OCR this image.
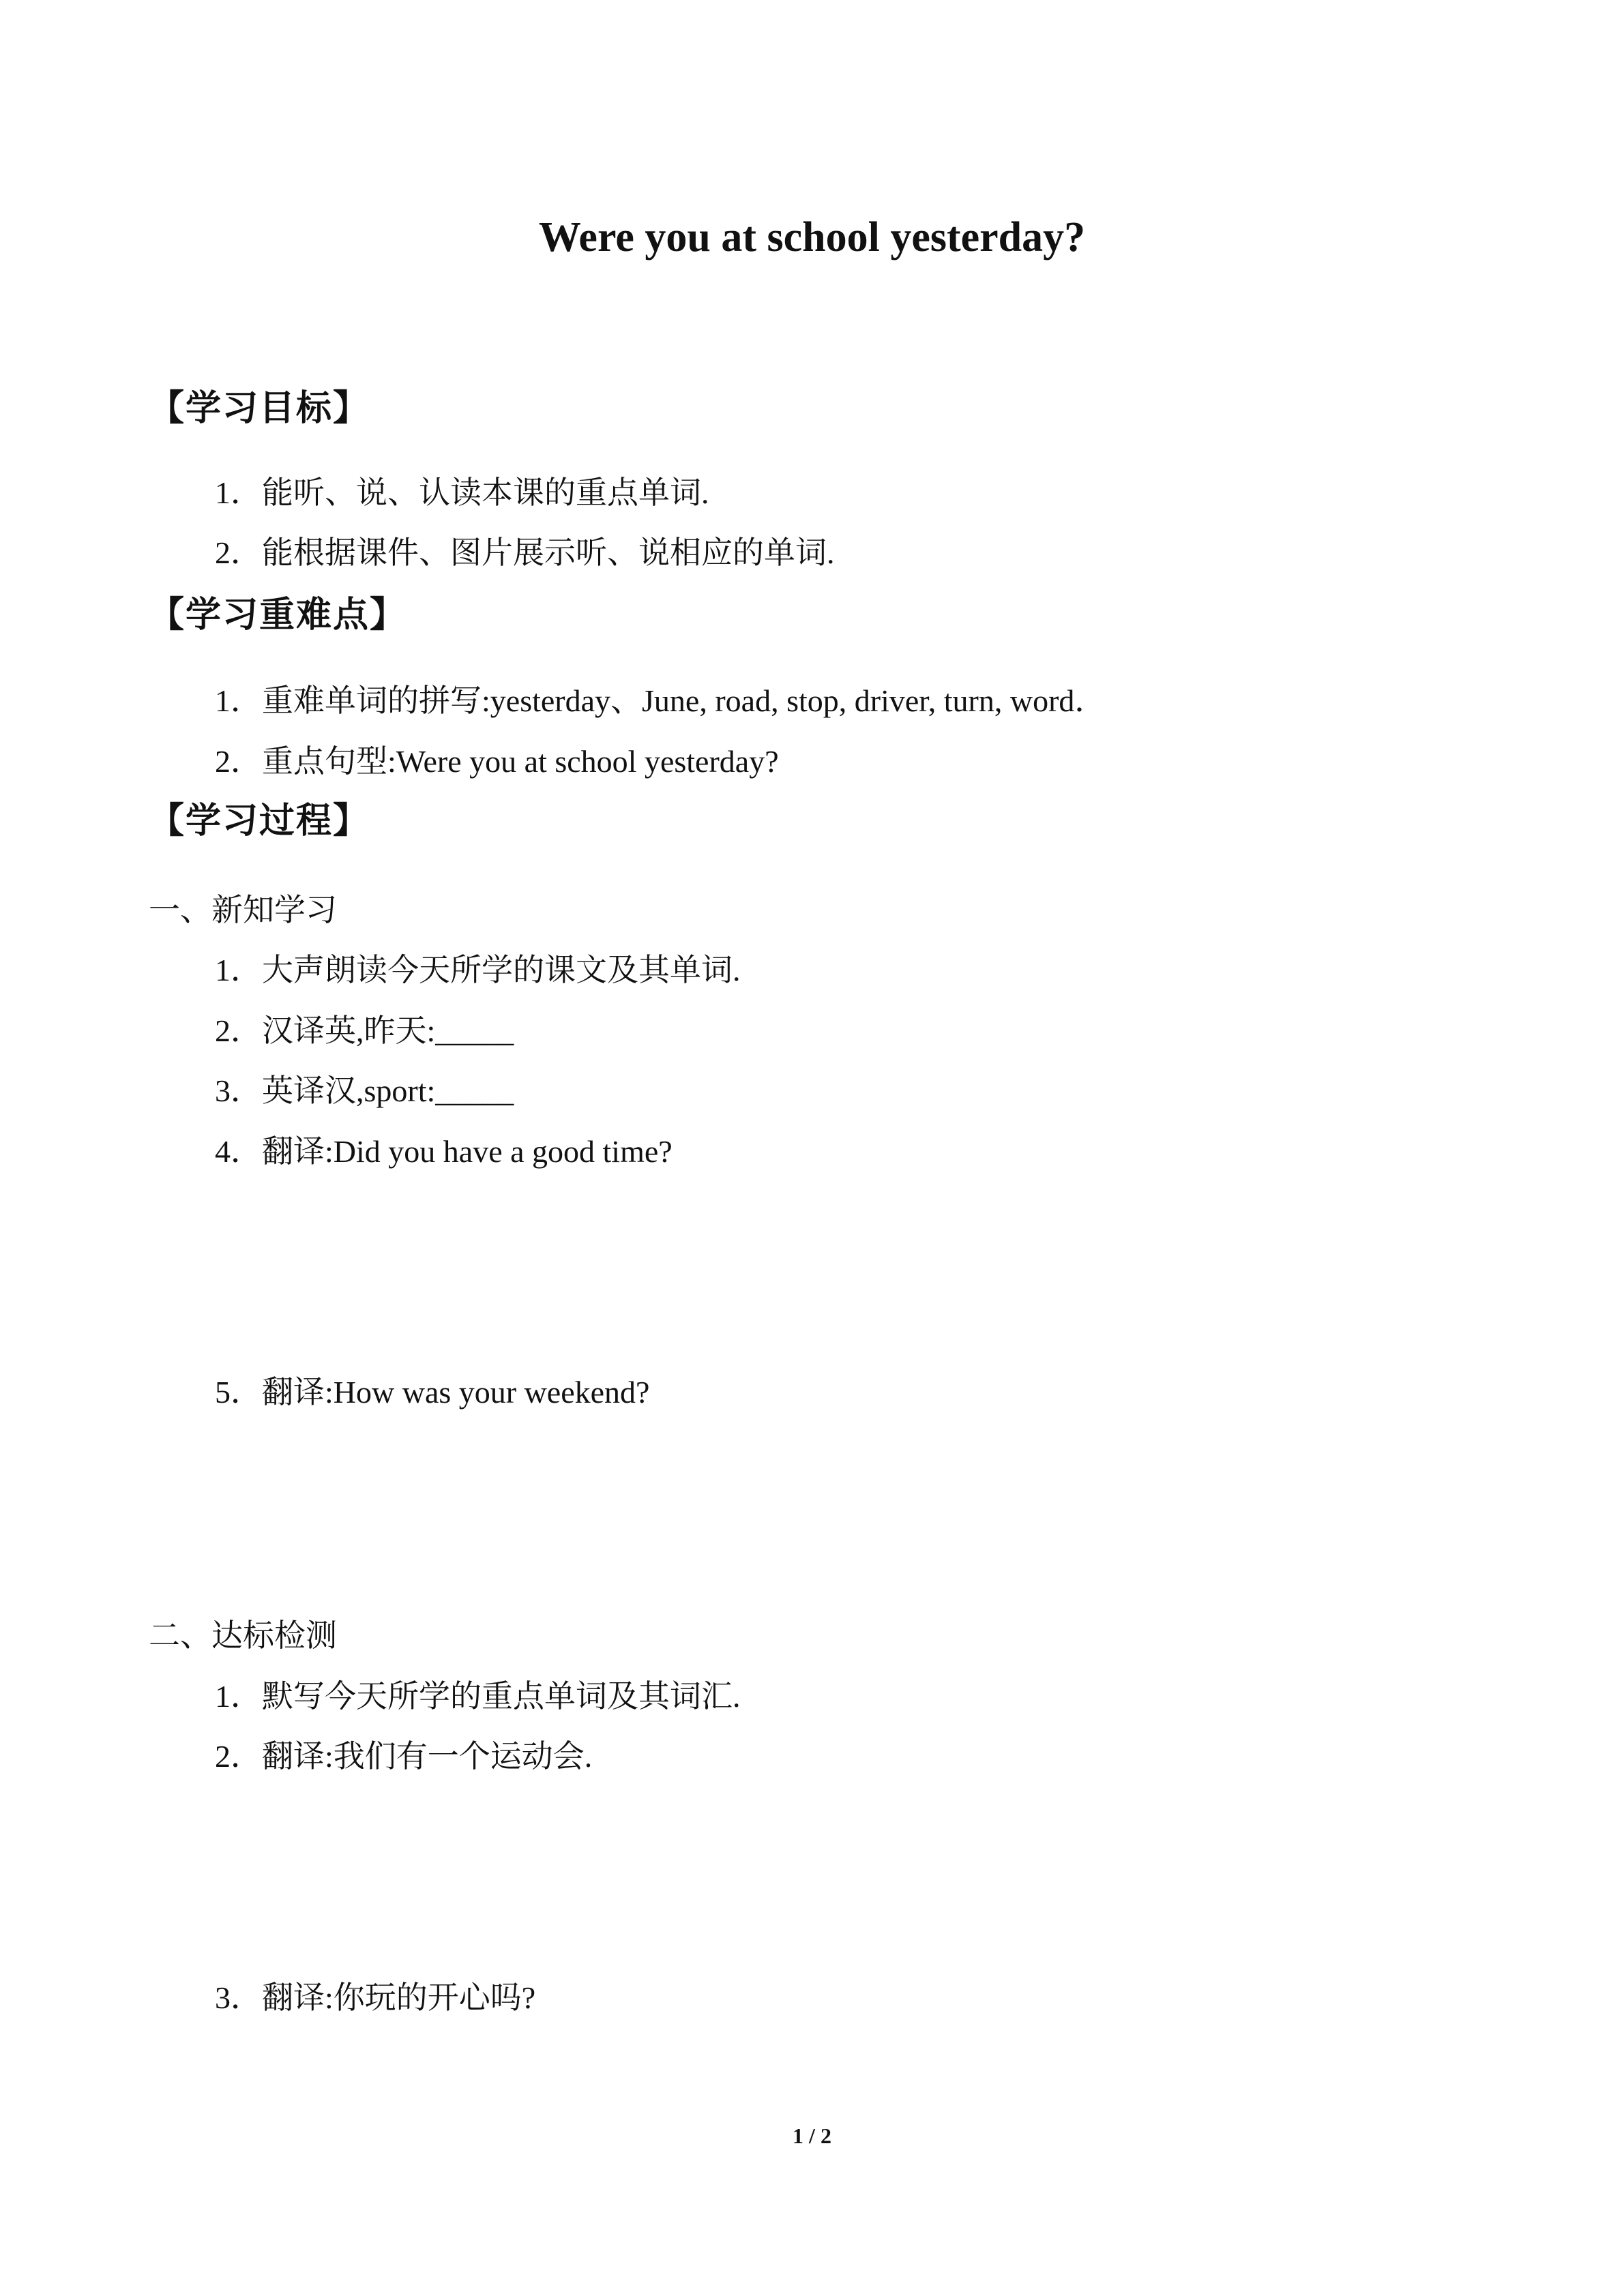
Were you at school yesterday?
【学习目标】
1．能听、说、认读本课的重点单词.
2．能根据课件、图片展示听、说相应的单词.
【学习重难点】
1．重难单词的拼写:yesterday、June, road, stop, driver, turn, word．
2．重点句型:Were you at school yesterday?
【学习过程】
一、新知学习
1．大声朗读今天所学的课文及其单词.
2．汉译英,昨天:_____
3．英译汉,sport:_____
4．翻译:Did you have a good time?
5．翻译:How was your weekend?
二、达标检测
1．默写今天所学的重点单词及其词汇.
2．翻译:我们有一个运动会.
3．翻译:你玩的开心吗?
1 / 2
